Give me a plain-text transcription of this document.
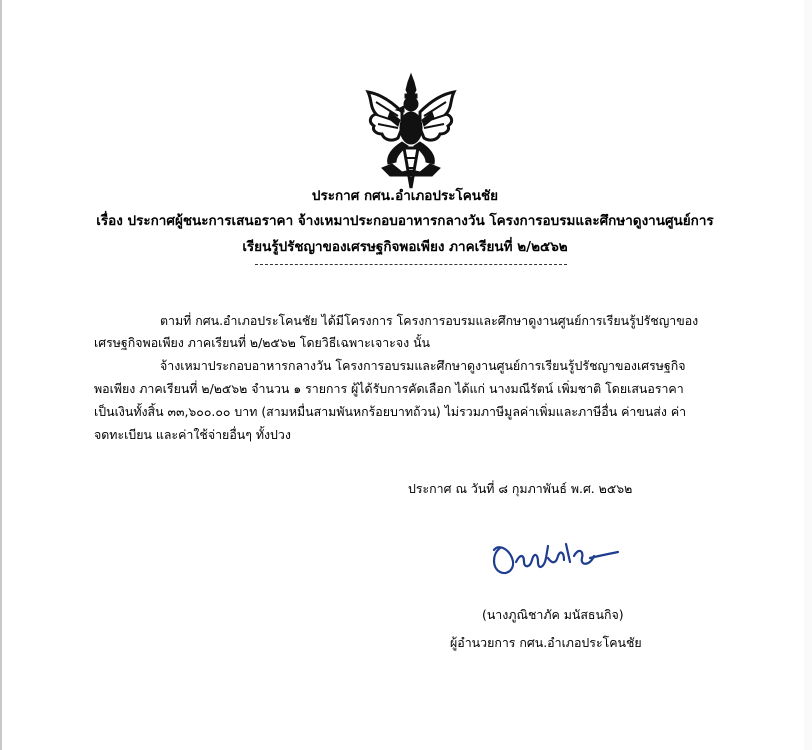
ประกาศ กศน.อำเภอประโคนชัย
เรื่อง ประกาศผู้ชนะการเสนอราคา จ้างเหมาประกอบอาหารกลางวัน โครงการอบรมและศึกษาดูงานศูนย์การ
เรียนรู้ปรัชญาของเศรษฐกิจพอเพียง ภาคเรียนที่ ๒/๒๕๖๒
ตามที่ กศน.อำเภอประโคนชัย ได้มีโครงการ โครงการอบรมและศึกษาดูงานศูนย์การเรียนรู้ปรัชญาของ
เศรษฐกิจพอเพียง ภาคเรียนที่ ๒/๒๕๖๒ โดยวิธีเฉพาะเจาะจง นั้น
จ้างเหมาประกอบอาหารกลางวัน โครงการอบรมและศึกษาดูงานศูนย์การเรียนรู้ปรัชญาของเศรษฐกิจ
พอเพียง ภาคเรียนที่ ๒/๒๕๖๒ จำนวน ๑ รายการ ผู้ได้รับการคัดเลือก ได้แก่ นางมณีรัตน์ เพิ่มชาติ โดยเสนอราคา
เป็นเงินทั้งสิ้น ๓๓,๖๐๐.๐๐ บาท (สามหมื่นสามพันหกร้อยบาทถ้วน) ไม่รวมภาษีมูลค่าเพิ่มและภาษีอื่น ค่าขนส่ง ค่า
จดทะเบียน และค่าใช้จ่ายอื่นๆ ทั้งปวง
ประกาศ ณ วันที่ ๘ กุมภาพันธ์ พ.ศ. ๒๕๖๒
(นางภูณิชาภัค มนัสธนกิจ)
ผู้อำนวยการ กศน.อำเภอประโคนชัย
